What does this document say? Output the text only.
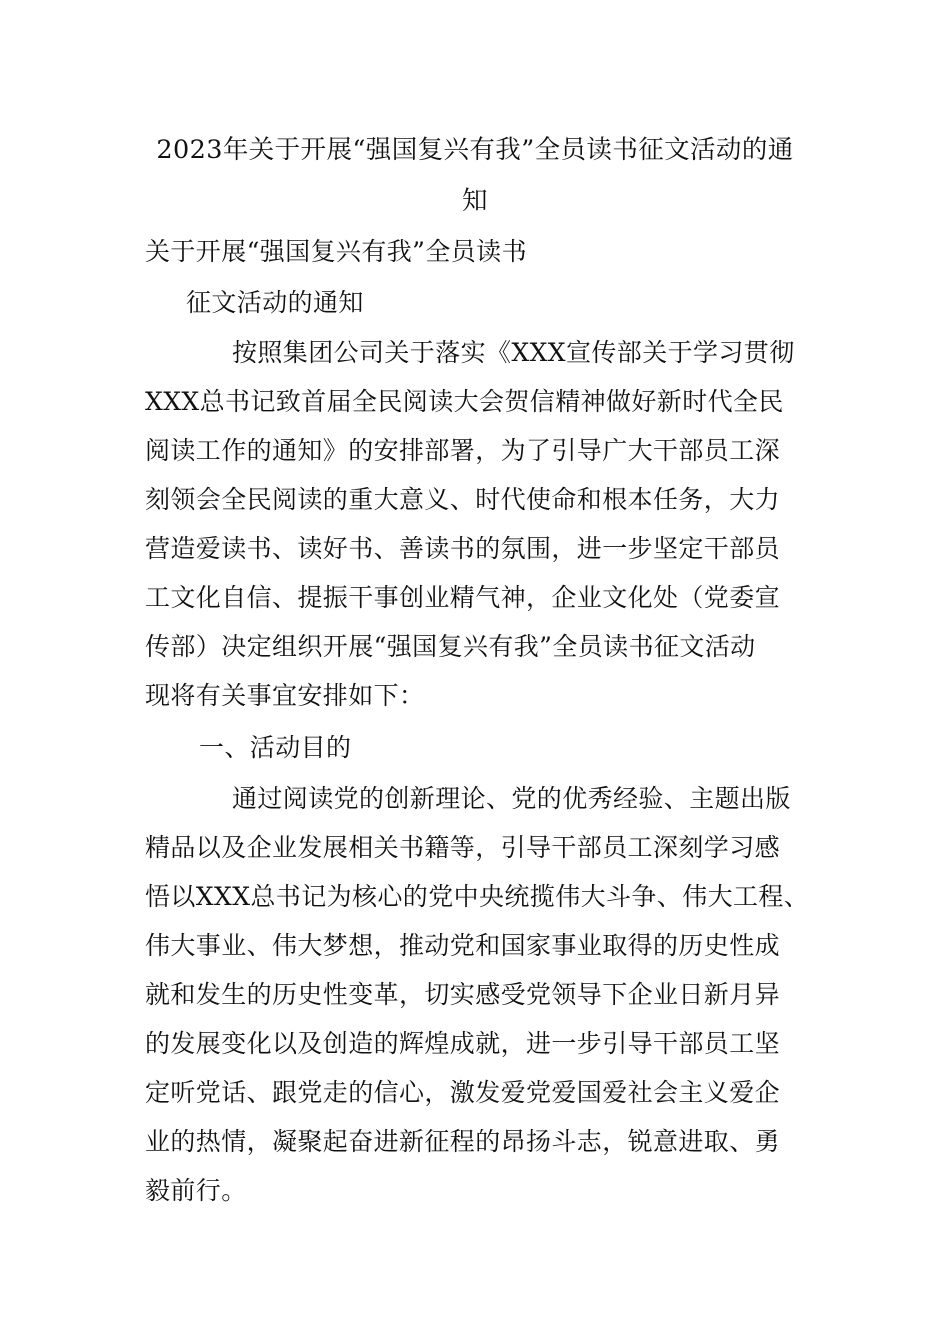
2023年关于开展“强国复兴有我”全员读书征文活动的通
知
关于开展“强国复兴有我”全员读书
征文活动的通知
按照集团公司关于落实《XXX宣传部关于学习贯彻
XXX总书记致首届全民阅读大会贺信精神做好新时代全民
阅读工作的通知》的安排部署，为了引导广大干部员工深
刻领会全民阅读的重大意义、时代使命和根本任务，大力
营造爱读书、读好书、善读书的氛围，进一步坚定干部员
工文化自信、提振干事创业精气神，企业文化处（党委宣
传部）决定组织开展“强国复兴有我”全员读书征文活动
现将有关事宜安排如下：
一、活动目的
通过阅读党的创新理论、党的优秀经验、主题出版
精品以及企业发展相关书籍等，引导干部员工深刻学习感
悟以XXX总书记为核心的党中央统揽伟大斗争、伟大工程、
伟大事业、伟大梦想，推动党和国家事业取得的历史性成
就和发生的历史性变革，切实感受党领导下企业日新月异
的发展变化以及创造的辉煌成就，进一步引导干部员工坚
定听党话、跟党走的信心，激发爱党爱国爱社会主义爱企
业的热情，凝聚起奋进新征程的昂扬斗志，锐意进取、勇
毅前行。
